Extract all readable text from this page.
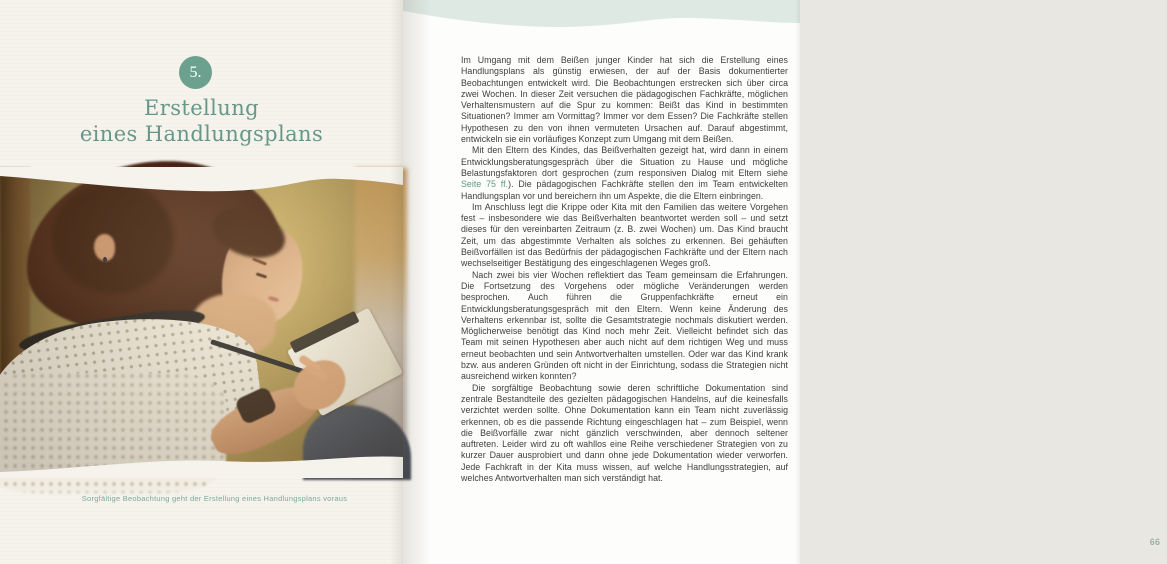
5.
Erstellung
eines Handlungsplans
Sorgfältige Beobachtung geht der Erstellung eines Handlungsplans voraus

Im Umgang mit dem Beißen junger Kinder hat sich die Erstellung eines Handlungsplans als günstig erwiesen, der auf der Basis dokumentierter Beobachtungen entwickelt wird. Die Beobachtungen erstrecken sich über circa zwei Wochen. In dieser Zeit versuchen die pädagogischen Fachkräfte, möglichen Verhaltensmustern auf die Spur zu kommen: Beißt das Kind in bestimmten Situationen? Immer am Vormittag? Immer vor dem Essen? Die Fachkräfte stellen Hypothesen zu den von ihnen vermuteten Ursachen auf. Darauf abgestimmt, entwickeln sie ein vorläufiges Konzept zum Umgang mit dem Beißen.

Mit den Eltern des Kindes, das Beißverhalten gezeigt hat, wird dann in einem Entwicklungsberatungsgespräch über die Situation zu Hause und mögliche Belastungsfaktoren dort gesprochen (zum responsiven Dialog mit Eltern siehe Seite 75 ff.). Die pädagogischen Fachkräfte stellen den im Team entwickelten Handlungsplan vor und bereichern ihn um Aspekte, die die Eltern einbringen.

Im Anschluss legt die Krippe oder Kita mit den Familien das weitere Vorgehen fest – insbesondere wie das Beißverhalten beantwortet werden soll – und setzt dieses für den vereinbarten Zeitraum (z. B. zwei Wochen) um. Das Kind braucht Zeit, um das abgestimmte Verhalten als solches zu erkennen. Bei gehäuften Beißvorfällen ist das Bedürfnis der pädagogischen Fachkräfte und der Eltern nach wechselseitiger Bestätigung des eingeschlagenen Weges groß.

Nach zwei bis vier Wochen reflektiert das Team gemeinsam die Erfahrungen. Die Fortsetzung des Vorgehens oder mögliche Veränderungen werden besprochen. Auch führen die Gruppenfachkräfte erneut ein Entwicklungsberatungsgespräch mit den Eltern. Wenn keine Änderung des Verhaltens erkennbar ist, sollte die Gesamtstrategie nochmals diskutiert werden. Möglicherweise benötigt das Kind noch mehr Zeit. Vielleicht befindet sich das Team mit seinen Hypothesen aber auch nicht auf dem richtigen Weg und muss erneut beobachten und sein Antwortverhalten umstellen. Oder war das Kind krank bzw. aus anderen Gründen oft nicht in der Einrichtung, sodass die Strategien nicht ausreichend wirken konnten?

Die sorgfältige Beobachtung sowie deren schriftliche Dokumentation sind zentrale Bestandteile des gezielten pädagogischen Handelns, auf die keinesfalls verzichtet werden sollte. Ohne Dokumentation kann ein Team nicht zuverlässig erkennen, ob es die passende Richtung eingeschlagen hat – zum Beispiel, wenn die Beißvorfälle zwar nicht gänzlich verschwinden, aber dennoch seltener auftreten. Leider wird zu oft wahllos eine Reihe verschiedener Strategien von zu kurzer Dauer ausprobiert und dann ohne jede Dokumentation wieder verworfen. Jede Fachkraft in der Kita muss wissen, auf welche Handlungsstrategien, auf welches Antwortverhalten man sich verständigt hat.

66
